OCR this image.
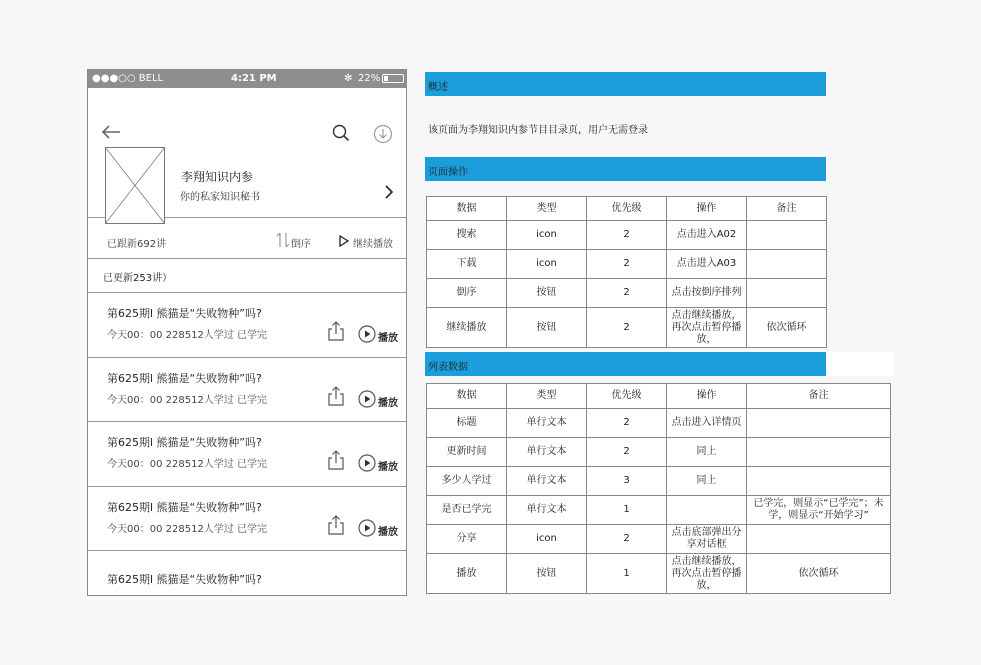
●●●○○ BELL	4:21 PM	✻ 22%
李翔知识内参
你的私家知识秘书
已跟新692讲	倒序	继续播放
已更新253讲）
第625期l 熊猫是“失败物种”吗?
今天00：00 228512人学过 已学完	播放
第625期l 熊猫是“失败物种”吗?
今天00：00 228512人学过 已学完	播放
第625期l 熊猫是“失败物种”吗?
今天00：00 228512人学过 已学完	播放
第625期l 熊猫是“失败物种”吗?
今天00：00 228512人学过 已学完	播放
第625期l 熊猫是“失败物种”吗?
概述
该页面为李翔知识内参节目目录页，用户无需登录
页面操作
数据	类型	优先级	操作	备注
搜索	icon	2	点击进入A02	
下载	icon	2	点击进入A03	
倒序	按钮	2	点击按倒序排列	
继续播放	按钮	2	点击继续播放，再次点击暂停播放，	依次循环
列表数据
数据	类型	优先级	操作	备注
标题	单行文本	2	点击进入详情页	
更新时间	单行文本	2	同上	
多少人学过	单行文本	3	同上	
是否已学完	单行文本	1		已学完，则显示“已学完”；未学，则显示“开始学习”
分享	icon	2	点击底部弹出分享对话框	
播放	按钮	1	点击继续播放，再次点击暂停播放，	依次循环
